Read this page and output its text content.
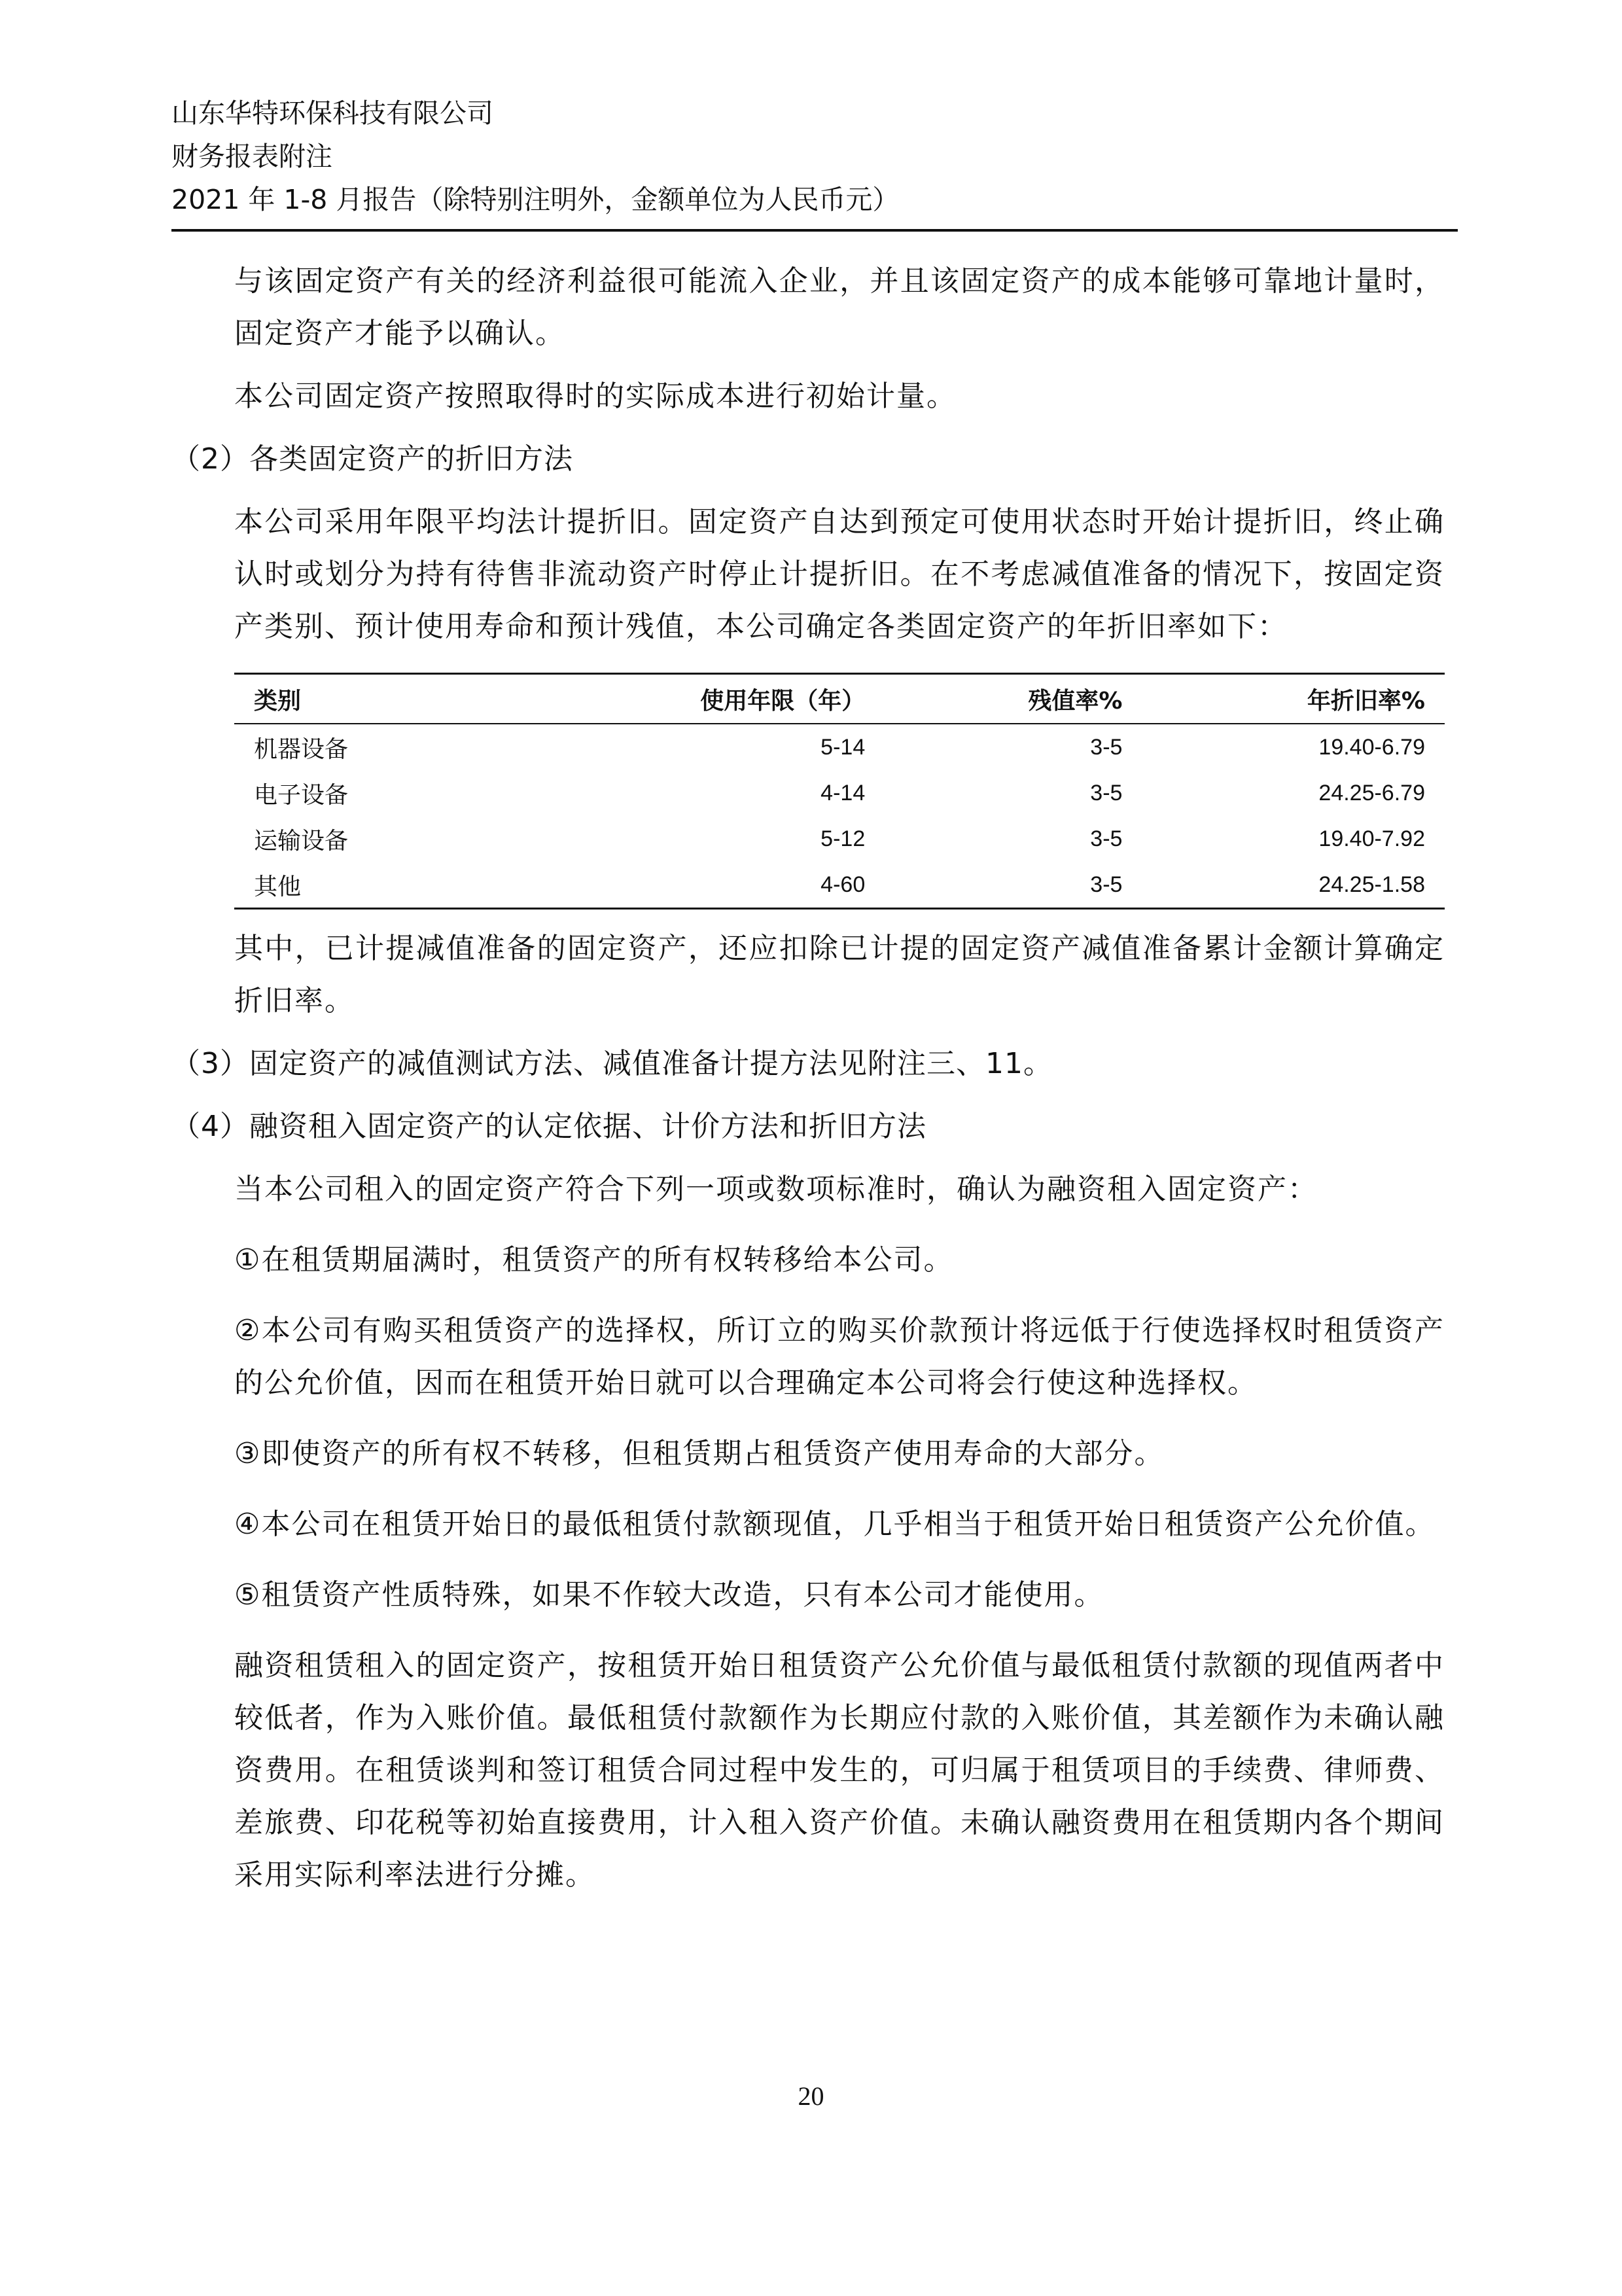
山东华特环保科技有限公司
财务报表附注
2021 年 1-8 月报告（除特别注明外，金额单位为人民币元）
与该固定资产有关的经济利益很可能流入企业，并且该固定资产的成本能够可靠地计量时，固定资产才能予以确认。
本公司固定资产按照取得时的实际成本进行初始计量。
（2）各类固定资产的折旧方法
本公司采用年限平均法计提折旧。固定资产自达到预定可使用状态时开始计提折旧，终止确认时或划分为持有待售非流动资产时停止计提折旧。在不考虑减值准备的情况下，按固定资产类别、预计使用寿命和预计残值，本公司确定各类固定资产的年折旧率如下：
类别	使用年限（年）	残值率%	年折旧率%
机器设备	5-14	3-5	19.40-6.79
电子设备	4-14	3-5	24.25-6.79
运输设备	5-12	3-5	19.40-7.92
其他	4-60	3-5	24.25-1.58
其中，已计提减值准备的固定资产，还应扣除已计提的固定资产减值准备累计金额计算确定折旧率。
（3）固定资产的减值测试方法、减值准备计提方法见附注三、11。
（4）融资租入固定资产的认定依据、计价方法和折旧方法
当本公司租入的固定资产符合下列一项或数项标准时，确认为融资租入固定资产：
①在租赁期届满时，租赁资产的所有权转移给本公司。
②本公司有购买租赁资产的选择权，所订立的购买价款预计将远低于行使选择权时租赁资产的公允价值，因而在租赁开始日就可以合理确定本公司将会行使这种选择权。
③即使资产的所有权不转移，但租赁期占租赁资产使用寿命的大部分。
④本公司在租赁开始日的最低租赁付款额现值，几乎相当于租赁开始日租赁资产公允价值。
⑤租赁资产性质特殊，如果不作较大改造，只有本公司才能使用。
融资租赁租入的固定资产，按租赁开始日租赁资产公允价值与最低租赁付款额的现值两者中较低者，作为入账价值。最低租赁付款额作为长期应付款的入账价值，其差额作为未确认融资费用。在租赁谈判和签订租赁合同过程中发生的，可归属于租赁项目的手续费、律师费、差旅费、印花税等初始直接费用，计入租入资产价值。未确认融资费用在租赁期内各个期间采用实际利率法进行分摊。
20
